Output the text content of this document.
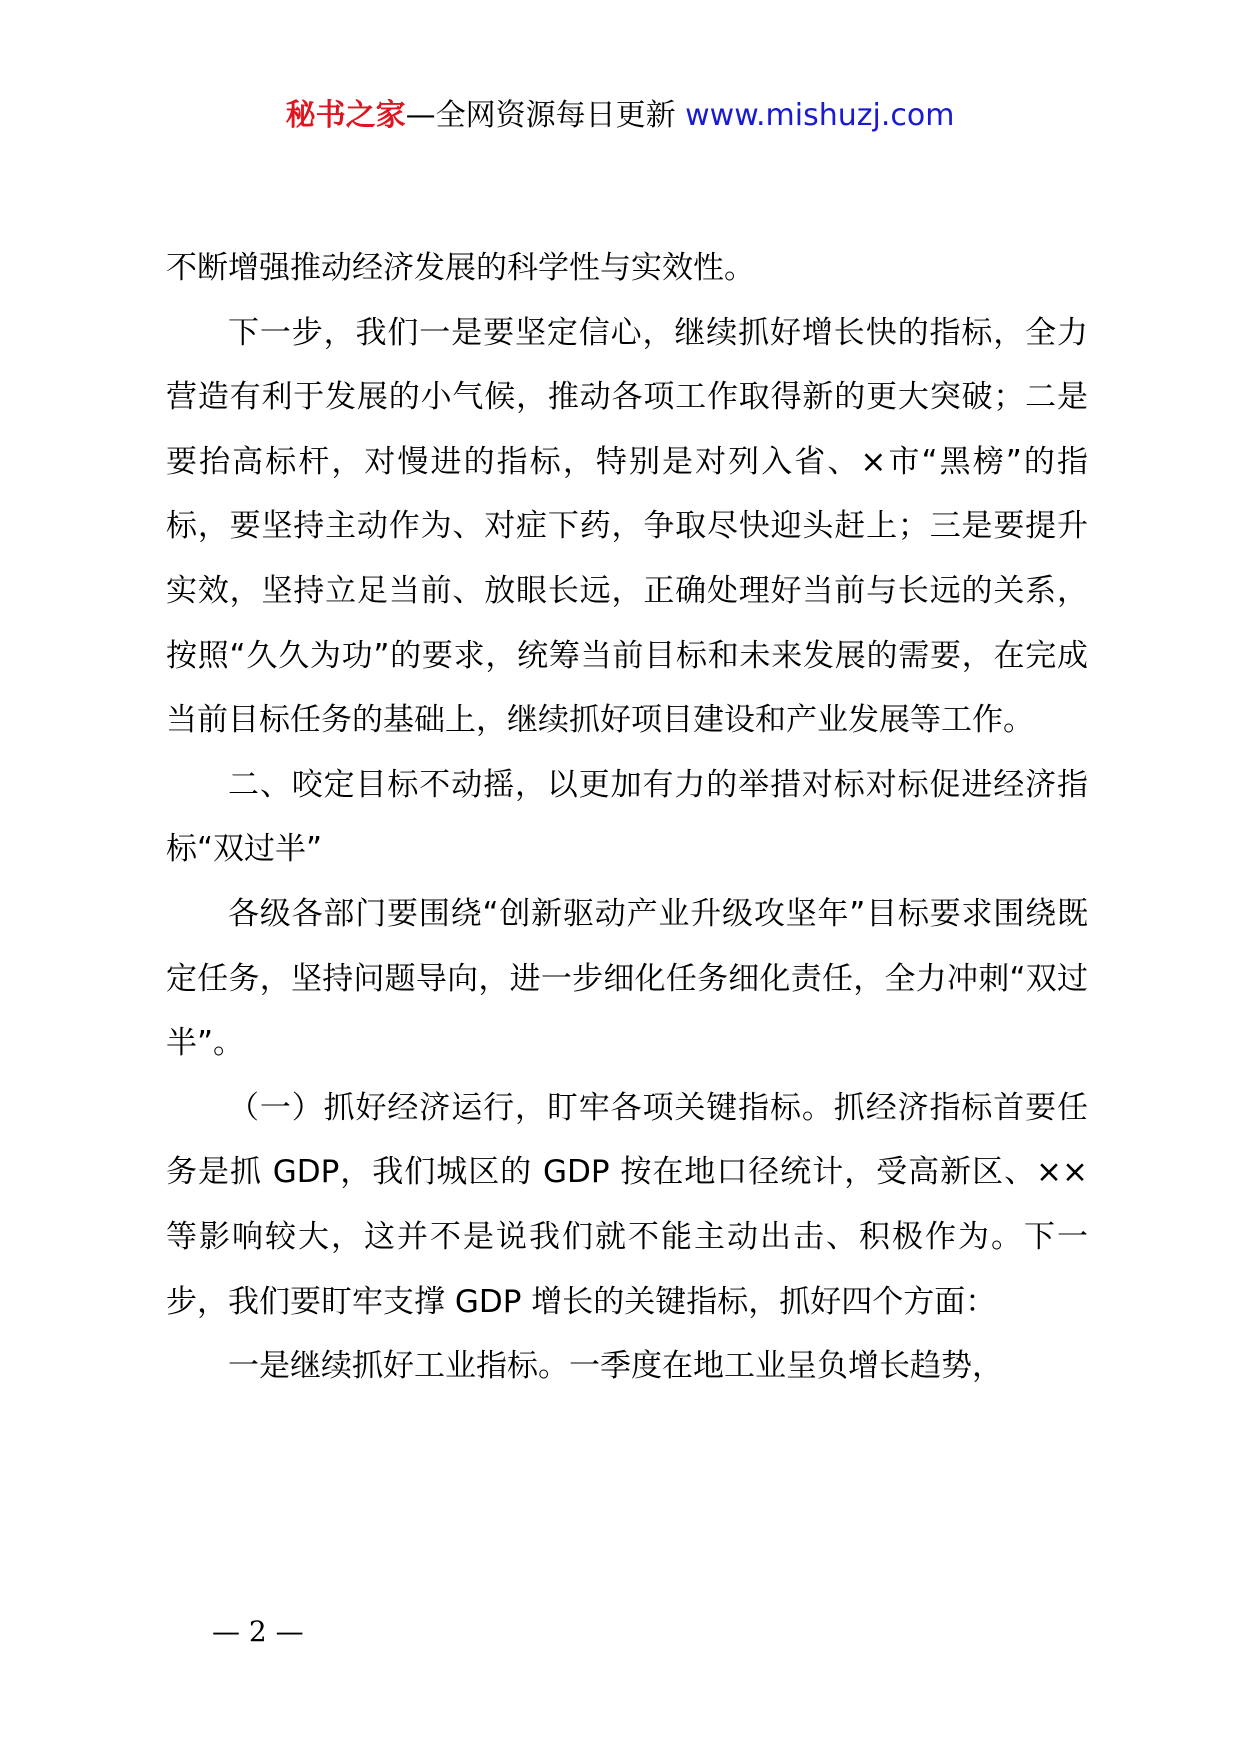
秘书之家—全网资源每日更新 www.mishuzj.com

不断增强推动经济发展的科学性与实效性。

下一步，我们一是要坚定信心，继续抓好增长快的指标，全力营造有利于发展的小气候，推动各项工作取得新的更大突破；二是要抬高标杆，对慢进的指标，特别是对列入省、×市“黑榜”的指标，要坚持主动作为、对症下药，争取尽快迎头赶上；三是要提升实效，坚持立足当前、放眼长远，正确处理好当前与长远的关系，按照“久久为功”的要求，统筹当前目标和未来发展的需要，在完成当前目标任务的基础上，继续抓好项目建设和产业发展等工作。

二、咬定目标不动摇，以更加有力的举措对标对标促进经济指标“双过半”

各级各部门要围绕“创新驱动产业升级攻坚年”目标要求围绕既定任务，坚持问题导向，进一步细化任务细化责任，全力冲刺“双过半”。

（一）抓好经济运行，盯牢各项关键指标。抓经济指标首要任务是抓 GDP，我们城区的 GDP 按在地口径统计，受高新区、××等影响较大，这并不是说我们就不能主动出击、积极作为。下一步，我们要盯牢支撑 GDP 增长的关键指标，抓好四个方面：

一是继续抓好工业指标。一季度在地工业呈负增长趋势，

— 2 —
